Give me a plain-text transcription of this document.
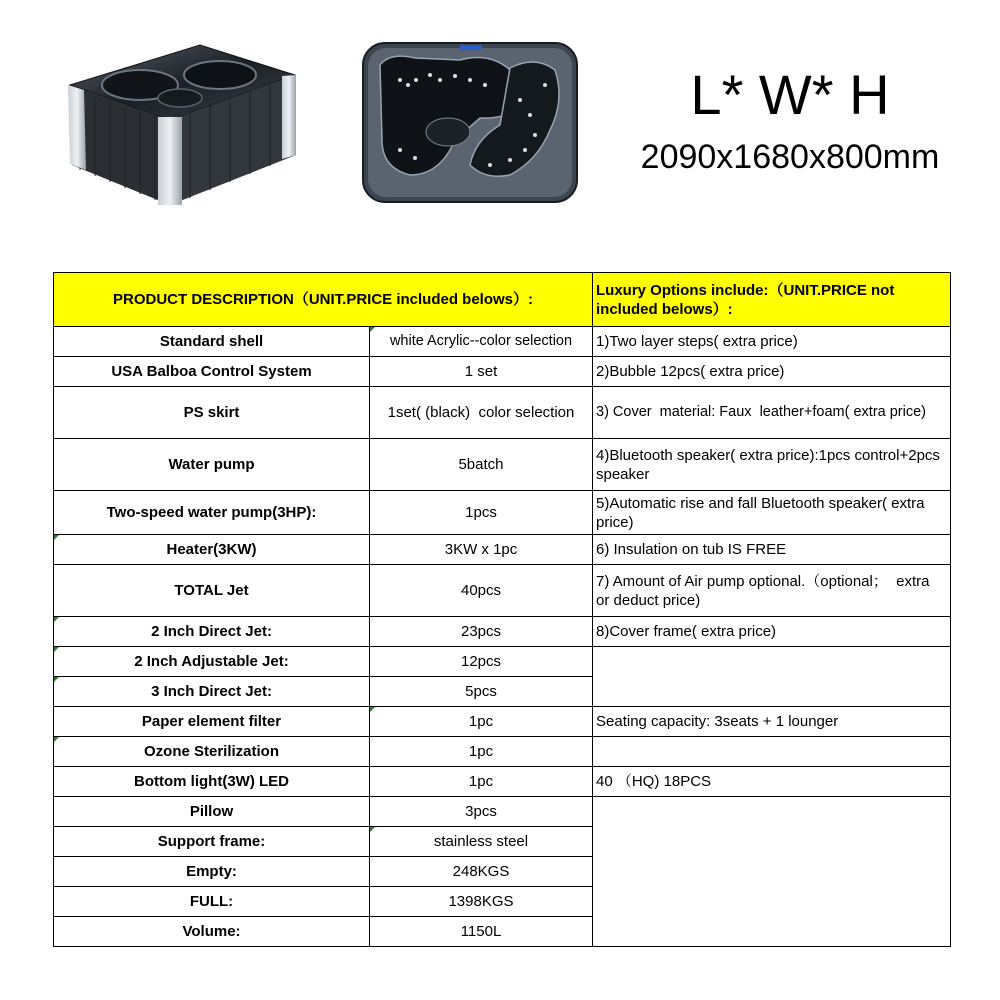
L* W* H
2090x1680x800mm
PRODUCT DESCRIPTION（UNIT.PRICE included belows）:		Luxury Options include:（UNIT.PRICE not included belows）:
Standard shell	white Acrylic--color selection	1)Two layer steps( extra price)
USA Balboa Control System	1 set	2)Bubble 12pcs( extra price)
PS skirt	1set( (black)  color selection	3) Cover  material: Faux  leather+foam( extra price)
Water pump	5batch	4)Bluetooth speaker( extra price):1pcs control+2pcs speaker
Two-speed water pump(3HP):	1pcs	5)Automatic rise and fall Bluetooth speaker( extra price)
Heater(3KW)	3KW x 1pc	6) Insulation on tub IS FREE
TOTAL Jet	40pcs	7) Amount of Air pump optional.（optional；  extra or deduct price)
2 Inch Direct Jet:	23pcs	8)Cover frame( extra price)
2 Inch Adjustable Jet:	12pcs	
3 Inch Direct Jet:	5pcs	
Paper element filter	1pc	Seating capacity: 3seats + 1 lounger
Ozone Sterilization	1pc	
Bottom light(3W) LED	1pc	40 （HQ) 18PCS
Pillow	3pcs	
Support frame:	stainless steel	
Empty:	248KGS	
FULL:	1398KGS	
Volume:	1150L	
